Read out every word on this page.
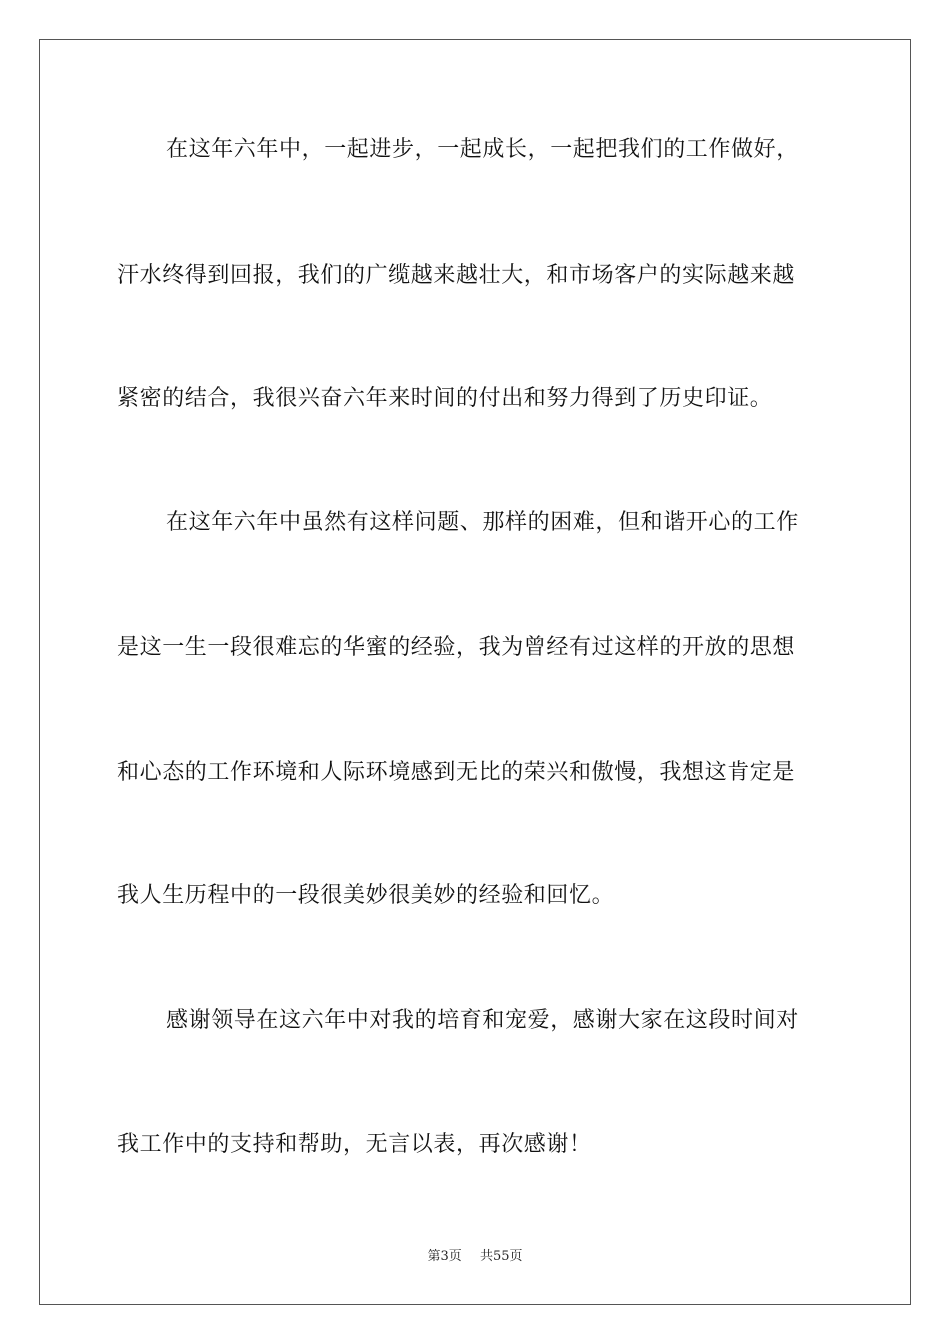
在这年六年中，一起进步，一起成长，一起把我们的工作做好，
汗水终得到回报，我们的广缆越来越壮大，和市场客户的实际越来越
紧密的结合，我很兴奋六年来时间的付出和努力得到了历史印证。
在这年六年中虽然有这样问题、那样的困难，但和谐开心的工作
是这一生一段很难忘的华蜜的经验，我为曾经有过这样的开放的思想
和心态的工作环境和人际环境感到无比的荣兴和傲慢，我想这肯定是
我人生历程中的一段很美妙很美妙的经验和回忆。
感谢领导在这六年中对我的培育和宠爱，感谢大家在这段时间对
我工作中的支持和帮助，无言以表，再次感谢！
第3页 共55页
